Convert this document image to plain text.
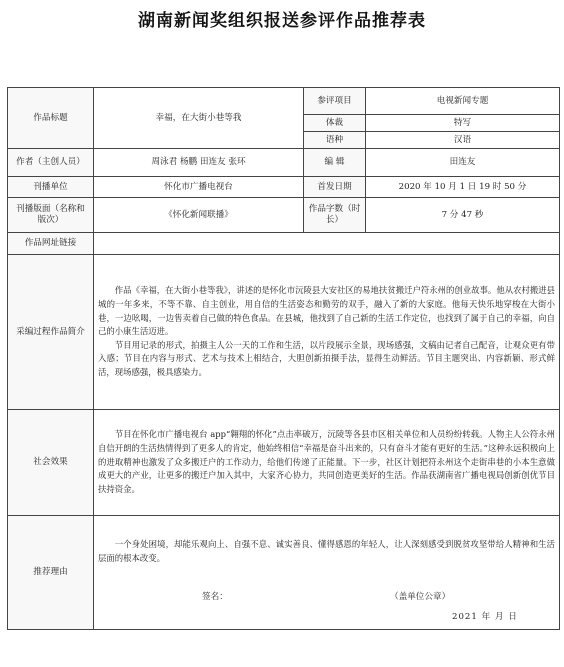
湖南新闻奖组织报送参评作品推荐表
作品标题	幸福，在大街小巷等我	参评项目	电视新闻专题
		体裁	特写
		语种	汉语
作者（主创人员）	周泳君 杨鹏 田连友 张环	编 辑	田连友
刊播单位	怀化市广播电视台	首发日期	2020 年 10 月 1 日 19 时 50 分
刊播版面（名称和版次）	《怀化新闻联播》	作品字数（时长）	7 分 47 秒
作品网址链接			
采编过程作品简介	作品《幸福，在大街小巷等我》，讲述的是怀化市沅陵县大安社区的易地扶贫搬迁户符永州的创业故事。他从农村搬进县城的一年多来，不等不靠、自主创业，用自信的生活姿态和勤劳的双手，融入了新的大家庭。他每天快乐地穿梭在大街小巷，一边吆喝，一边售卖着自己做的特色食品。在县城，他找到了自己新的生活工作定位，也找到了属于自己的幸福，向自己的小康生活迈进。

节目用记录的形式，拍摄主人公一天的工作和生活，以片段展示全景，现场感强，文稿由记者自己配音，让观众更有带入感；节目在内容与形式、艺术与技术上相结合，大胆创新拍摄手法，显得生动鲜活。节目主题突出、内容新颖、形式鲜活，现场感强，极具感染力。		

社会效果	节目在怀化市广播电视台 app“翱翔的怀化”点击率破万，沅陵等各县市区相关单位和人员纷纷转载。人物主人公符永州自信开朗的生活热情得到了更多人的肯定，他始终相信“幸福是奋斗出来的，只有奋斗才能有更好的生活。”这种永远积极向上的进取精神也激发了众多搬迁户的工作动力，给他们传递了正能量。下一步，社区计划把符永州这个走街串巷的小本生意做成更大的产业，让更多的搬迁户加入其中，大家齐心协力，共同创造更美好的生活。作品获湖南省广播电视局创新创优节目扶持资金。		

推荐理由	一个身处困境，却能乐观向上、自强不息、诚实善良、懂得感恩的年轻人，让人深刻感受到脱贫攻坚带给人精神和生活层面的根本改变。		

	签名： （盖单位公章）
2021 年 月 日		
